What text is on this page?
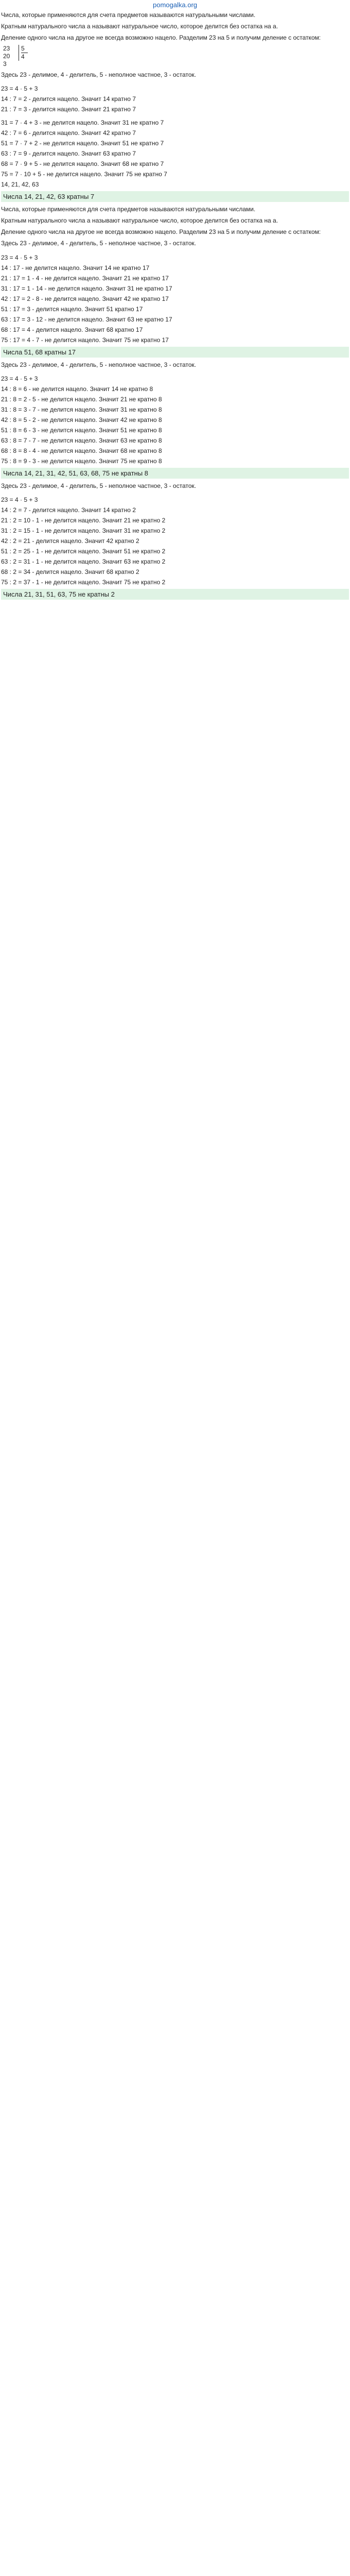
pomogalka.org

Числа, которые применяются для счета предметов называются натуральными числами.

Кратным натурального числа a называют натуральное число, которое делится без остатка на a.

Деление одного числа на другое не всегда возможно нацело. Разделим 23 на 5 и получим деление с остатком:

23
20
3
5
4

Здесь 23 - делимое, 4 - делитель, 5 - неполное частное, 3 - остаток.

23 = 4 · 5 + 3

14 : 7 = 2 - делится нацело. Значит 14 кратно 7

21 : 7 = 3 - делится нацело. Значит 21 кратно 7

31 = 7 · 4 + 3 - не делится нацело. Значит 31 не кратно 7

42 : 7 = 6 - делится нацело. Значит 42 кратно 7

51 = 7 · 7 + 2 - не делится нацело. Значит 51 не кратно 7

63 : 7 = 9 - делится нацело. Значит 63 кратно 7

68 = 7 · 9 + 5 - не делится нацело. Значит 68 не кратно 7

75 = 7 · 10 + 5 - не делится нацело. Значит 75 не кратно 7

14, 21, 42, 63

Числа 14, 21, 42, 63 кратны 7

Числа, которые применяются для счета предметов называются натуральными числами.

Кратным натурального числа a называют натуральное число, которое делится без остатка на a.

Деление одного числа на другое не всегда возможно нацело. Разделим 23 на 5 и получим деление с остатком:

Здесь 23 - делимое, 4 - делитель, 5 - неполное частное, 3 - остаток.

23 = 4 · 5 + 3

14 : 17 - не делится нацело. Значит 14 не кратно 17

21 : 17 = 1 - 4 - не делится нацело. Значит 21 не кратно 17

31 : 17 = 1 - 14 - не делится нацело. Значит 31 не кратно 17

42 : 17 = 2 - 8 - не делится нацело. Значит 42 не кратно 17

51 : 17 = 3 - делится нацело. Значит 51 кратно 17

63 : 17 = 3 - 12 - не делится нацело. Значит 63 не кратно 17

68 : 17 = 4 - делится нацело. Значит 68 кратно 17

75 : 17 = 4 - 7 - не делится нацело. Значит 75 не кратно 17

Числа 51, 68 кратны 17

Здесь 23 - делимое, 4 - делитель, 5 - неполное частное, 3 - остаток.

23 = 4 · 5 + 3

14 : 8 = 6 - не делится нацело. Значит 14 не кратно 8

21 : 8 = 2 - 5 - не делится нацело. Значит 21 не кратно 8

31 : 8 = 3 - 7 - не делится нацело. Значит 31 не кратно 8

42 : 8 = 5 - 2 - не делится нацело. Значит 42 не кратно 8

51 : 8 = 6 - 3 - не делится нацело. Значит 51 не кратно 8

63 : 8 = 7 - 7 - не делится нацело. Значит 63 не кратно 8

68 : 8 = 8 - 4 - не делится нацело. Значит 68 не кратно 8

75 : 8 = 9 - 3 - не делится нацело. Значит 75 не кратно 8

Числа 14, 21, 31, 42, 51, 63, 68, 75 не кратны 8

Здесь 23 - делимое, 4 - делитель, 5 - неполное частное, 3 - остаток.

23 = 4 · 5 + 3

14 : 2 = 7 - делится нацело. Значит 14 кратно 2

21 : 2 = 10 - 1 - не делится нацело. Значит 21 не кратно 2

31 : 2 = 15 - 1 - не делится нацело. Значит 31 не кратно 2

42 : 2 = 21 - делится нацело. Значит 42 кратно 2

51 : 2 = 25 - 1 - не делится нацело. Значит 51 не кратно 2

63 : 2 = 31 - 1 - не делится нацело. Значит 63 не кратно 2

68 : 2 = 34 - делится нацело. Значит 68 кратно 2

75 : 2 = 37 - 1 - не делится нацело. Значит 75 не кратно 2

Числа 21, 31, 51, 63, 75 не кратны 2
